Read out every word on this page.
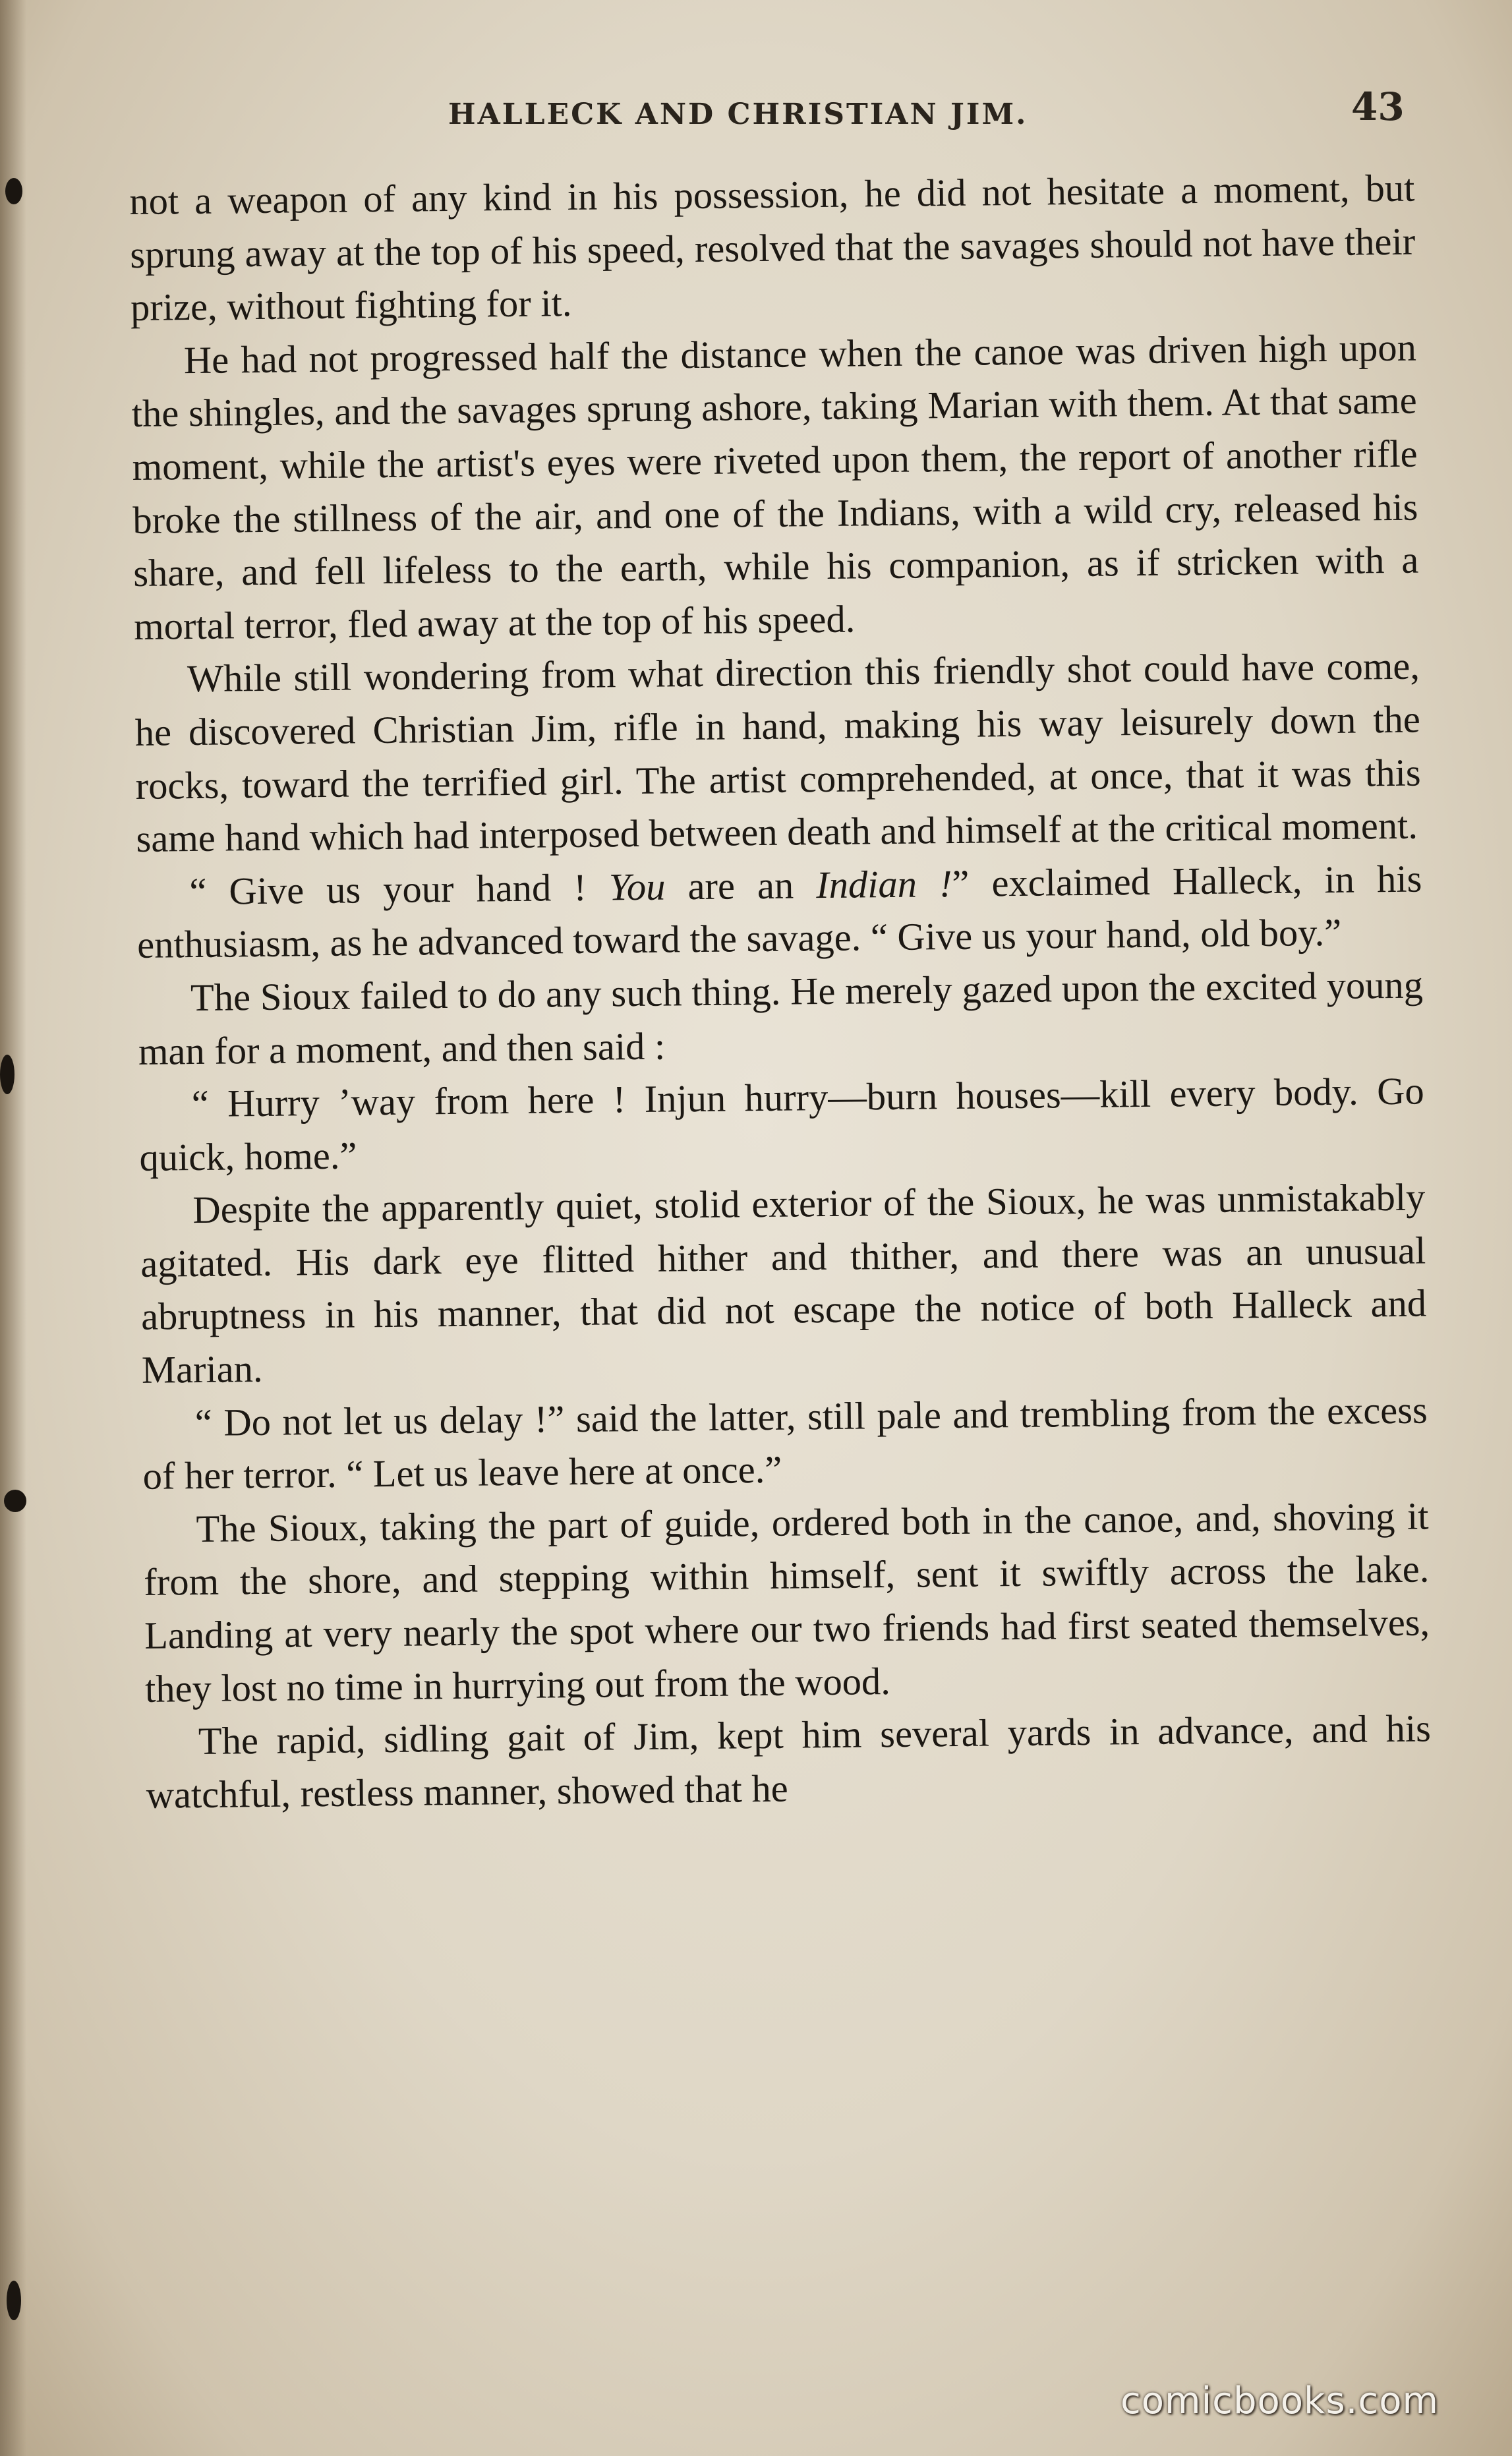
HALLECK AND CHRISTIAN JIM.	43

not a weapon of any kind in his possession, he did not hesitate a moment, but sprung away at the top of his speed, resolved that the savages should not have their prize, without fighting for it.

He had not progressed half the distance when the canoe was driven high upon the shingles, and the savages sprung ashore, taking Marian with them. At that same moment, while the artist's eyes were riveted upon them, the report of another rifle broke the stillness of the air, and one of the Indians, with a wild cry, released his share, and fell lifeless to the earth, while his companion, as if stricken with a mortal terror, fled away at the top of his speed.

While still wondering from what direction this friendly shot could have come, he discovered Christian Jim, rifle in hand, making his way leisurely down the rocks, toward the terrified girl. The artist comprehended, at once, that it was this same hand which had interposed between death and himself at the critical moment.

“ Give us your hand ! You are an Indian !” exclaimed Halleck, in his enthusiasm, as he advanced toward the savage. “ Give us your hand, old boy.”

The Sioux failed to do any such thing. He merely gazed upon the excited young man for a moment, and then said :

“ Hurry ’way from here ! Injun hurry—burn houses—kill every body. Go quick, home.”

Despite the apparently quiet, stolid exterior of the Sioux, he was unmistakably agitated. His dark eye flitted hither and thither, and there was an unusual abruptness in his manner, that did not escape the notice of both Halleck and Marian.

“ Do not let us delay !” said the latter, still pale and trembling from the excess of her terror. “ Let us leave here at once.”

The Sioux, taking the part of guide, ordered both in the canoe, and, shoving it from the shore, and stepping within himself, sent it swiftly across the lake. Landing at very nearly the spot where our two friends had first seated themselves, they lost no time in hurrying out from the wood.

The rapid, sidling gait of Jim, kept him several yards in advance, and his watchful, restless manner, showed that he

comicbooks.com
